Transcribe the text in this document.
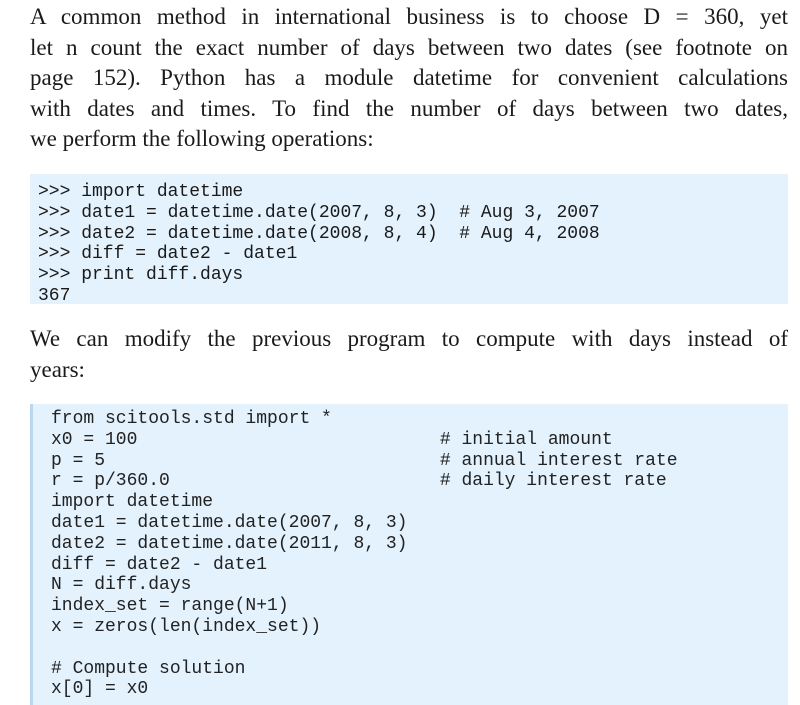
A common method in international business is to choose D = 360, yet
let n count the exact number of days between two dates (see footnote on
page 152). Python has a module datetime for convenient calculations
with dates and times. To find the number of days between two dates,
we perform the following operations:
>>> import datetime
>>> date1 = datetime.date(2007, 8, 3)  # Aug 3, 2007
>>> date2 = datetime.date(2008, 8, 4)  # Aug 4, 2008
>>> diff = date2 - date1
>>> print diff.days
367
We can modify the previous program to compute with days instead of
years:
from scitools.std import *
x0 = 100                            # initial amount
p = 5                               # annual interest rate
r = p/360.0                         # daily interest rate
import datetime
date1 = datetime.date(2007, 8, 3)
date2 = datetime.date(2011, 8, 3)
diff = date2 - date1
N = diff.days
index_set = range(N+1)
x = zeros(len(index_set))
# Compute solution
x[0] = x0
